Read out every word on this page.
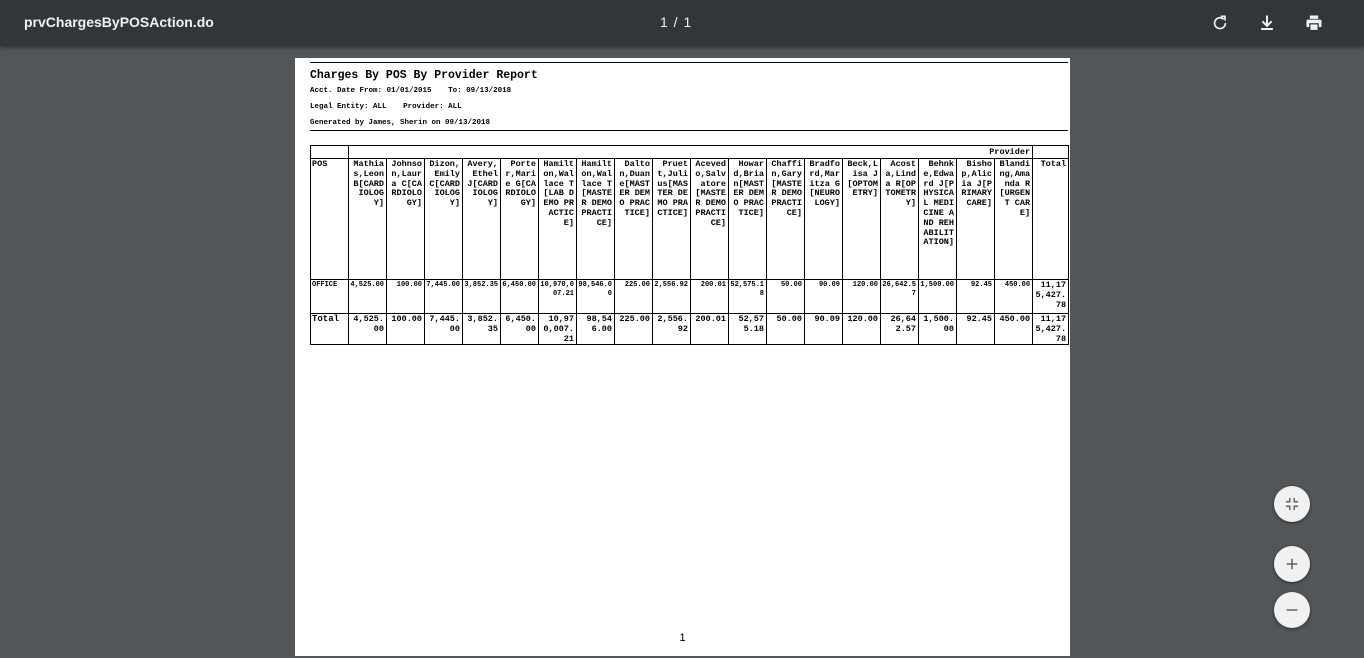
prvChargesByPOSAction.do	1 / 1
Charges By POS By Provider Report
Acct. Date From: 01/01/2015 To: 09/13/2018
Legal Entity: ALL Provider: ALL
Generated by James, Sherin on 09/13/2018
	Provider																		
POS	Mathias,Leon B[CARDIOLOGY]	Johnson,Laura C[CARDIOLOGY]	Dizon,Emily C[CARDIOLOGY]	Avery,Ethel J[CARDIOLOGY]	Porter,Marie G[CARDIOLOGY]	Hamilton,Wallace T[LAB DEMO PRACTICE]	Hamilton,Wallace T[MASTER DEMO PRACTICE]	Dalton,Duane[MASTER DEMO PRACTICE]	Pruett,Julius[MASTER DEMO PRACTICE]	Acevedo,Salvatore[MASTER DEMO PRACTICE]	Howard,Brian[MASTER DEMO PRACTICE]	Chaffin,Gary[MASTER DEMO PRACTICE]	Bradford,Maritza G[NEUROLOGY]	Beck,Lisa J[OPTOMETRY]	Acosta,Linda R[OPTOMETRY]	Behnke,Edward J[PHYSICAL MEDICINE AND REHABILITATION]	Bishop,Alicia J[PRIMARY CARE]	Blanding,Amanda R[URGENT CARE]	Total
OFFICE	4,525.00	100.00	7,445.00	3,852.35	6,450.00	10,970,007.21	98,546.00	225.00	2,556.92	200.01	52,575.18	50.00	90.09	120.00	26,642.57	1,500.00	92.45	450.00	11,175,427.78
Total	4,525.00	100.00	7,445.00	3,852.35	6,450.00	10,970,007.21	98,546.00	225.00	2,556.92	200.01	52,575.18	50.00	90.09	120.00	26,642.57	1,500.00	92.45	450.00	11,175,427.78
1
